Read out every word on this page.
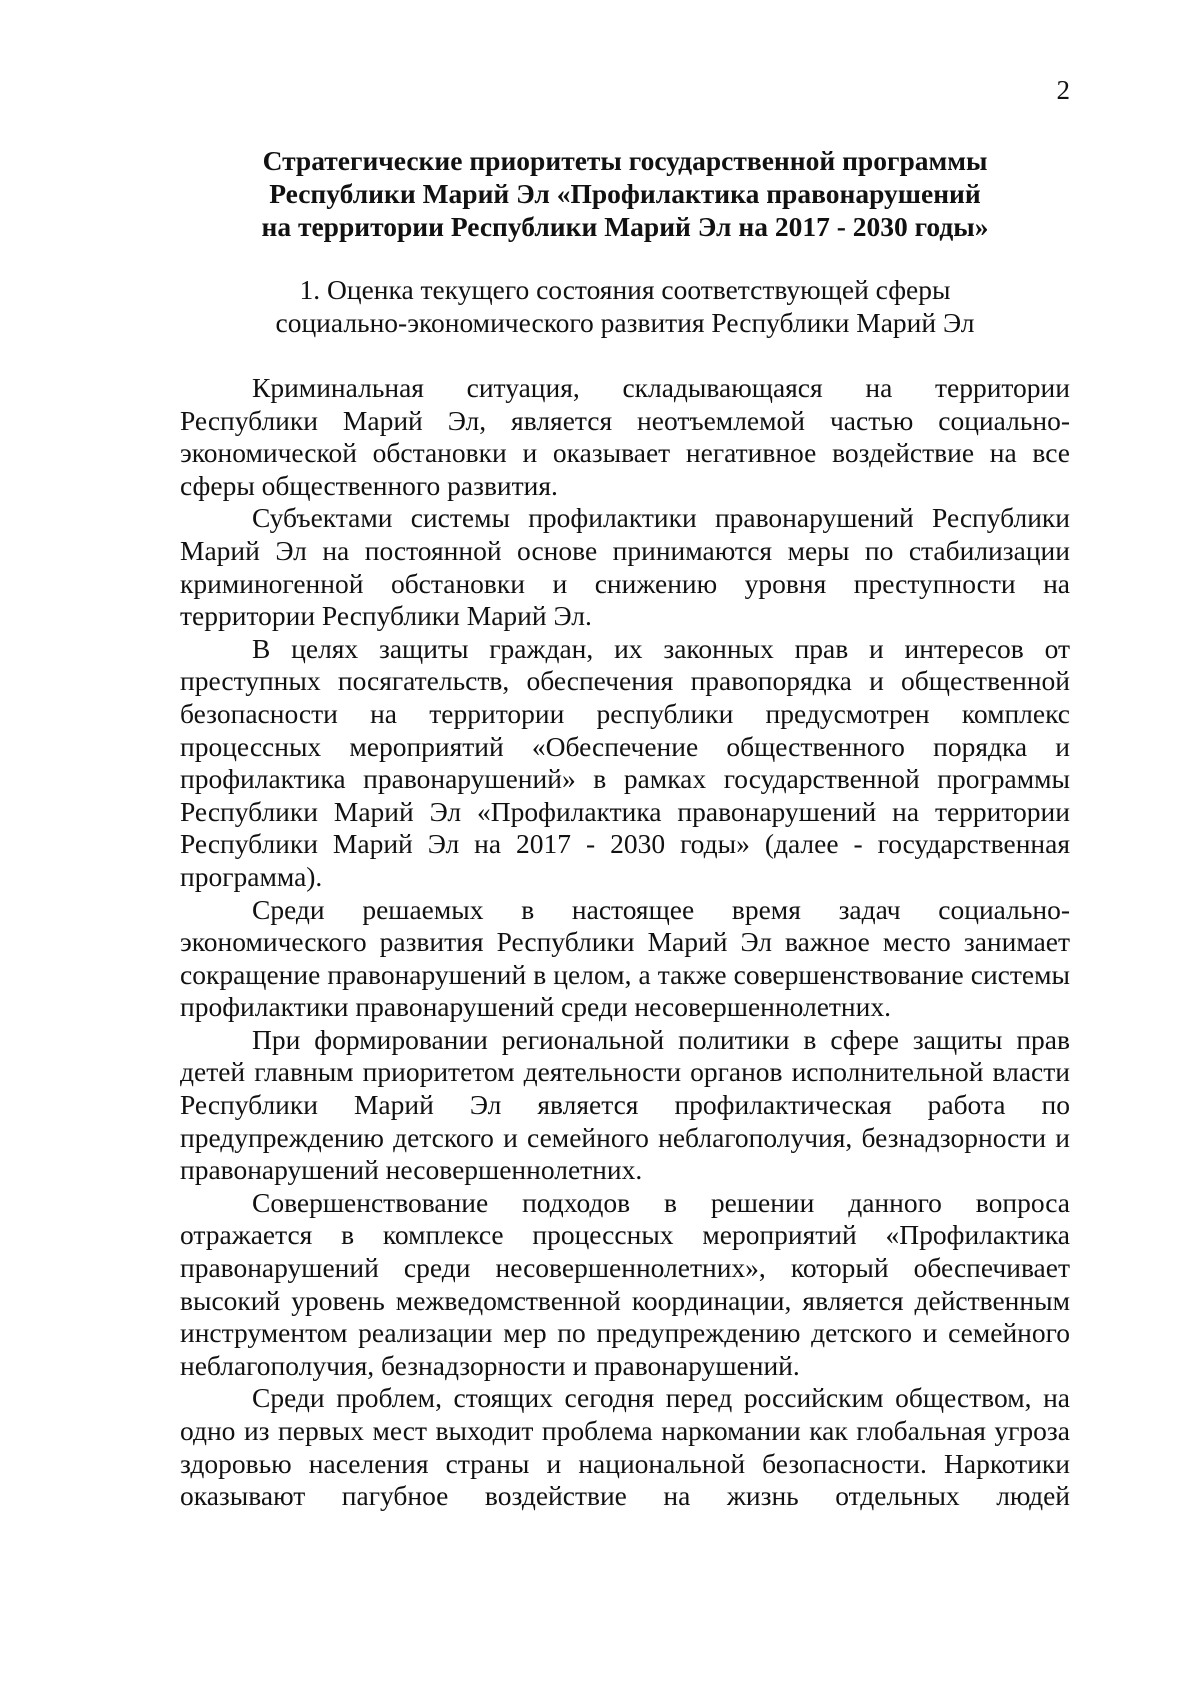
2
Стратегические приоритеты государственной программы
Республики Марий Эл «Профилактика правонарушений
на территории Республики Марий Эл на 2017 - 2030 годы»
1. Оценка текущего состояния соответствующей сферы
социально-экономического развития Республики Марий Эл

Криминальная ситуация, складывающаяся на территории Республики Марий Эл, является неотъемлемой частью социально-экономической обстановки и оказывает негативное воздействие на все сферы общественного развития.

Субъектами системы профилактики правонарушений Республики Марий Эл на постоянной основе принимаются меры по стабилизации криминогенной обстановки и снижению уровня преступности на территории Республики Марий Эл.

В целях защиты граждан, их законных прав и интересов от преступных посягательств, обеспечения правопорядка и общественной безопасности на территории республики предусмотрен комплекс процессных мероприятий «Обеспечение общественного порядка и профилактика правонарушений» в рамках государственной программы Республики Марий Эл «Профилактика правонарушений на территории Республики Марий Эл на 2017 - 2030 годы» (далее - государственная программа).

Среди решаемых в настоящее время задач социально-экономического развития Республики Марий Эл важное место занимает сокращение правонарушений в целом, а также совершенствование системы профилактики правонарушений среди несовершеннолетних.

При формировании региональной политики в сфере защиты прав детей главным приоритетом деятельности органов исполнительной власти Республики Марий Эл является профилактическая работа по предупреждению детского и семейного неблагополучия, безнадзорности и правонарушений несовершеннолетних.

Совершенствование подходов в решении данного вопроса отражается в комплексе процессных мероприятий «Профилактика правонарушений среди несовершеннолетних», который обеспечивает высокий уровень межведомственной координации, является действенным инструментом реализации мер по предупреждению детского и семейного неблагополучия, безнадзорности и правонарушений.

Среди проблем, стоящих сегодня перед российским обществом, на одно из первых мест выходит проблема наркомании как глобальная угроза здоровью населения страны и национальной безопасности. Наркотики оказывают пагубное воздействие на жизнь отдельных людей
